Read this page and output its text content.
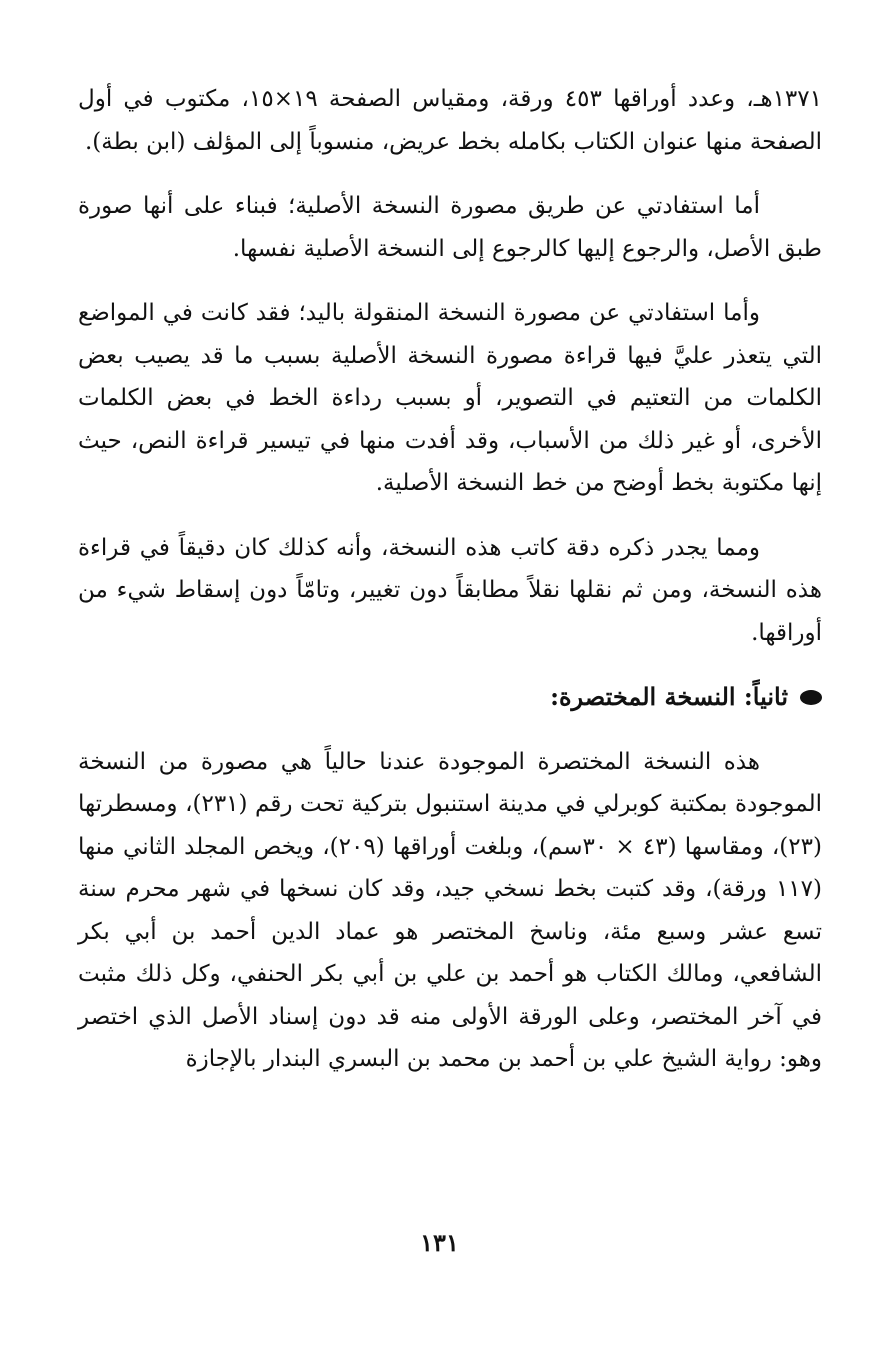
١٣٧١هـ، وعدد أوراقها ٤٥٣ ورقة، ومقياس الصفحة ١٩×١٥، مكتوب في أول الصفحة منها عنوان الكتاب بكامله بخط عريض، منسوباً إلى المؤلف (ابن بطة).

أما استفادتي عن طريق مصورة النسخة الأصلية؛ فبناء على أنها صورة طبق الأصل، والرجوع إليها كالرجوع إلى النسخة الأصلية نفسها.

وأما استفادتي عن مصورة النسخة المنقولة باليد؛ فقد كانت في المواضع التي يتعذر عليَّ فيها قراءة مصورة النسخة الأصلية بسبب ما قد يصيب بعض الكلمات من التعتيم في التصوير، أو بسبب رداءة الخط في بعض الكلمات الأخرى، أو غير ذلك من الأسباب، وقد أفدت منها في تيسير قراءة النص، حيث إنها مكتوبة بخط أوضح من خط النسخة الأصلية.

ومما يجدر ذكره دقة كاتب هذه النسخة، وأنه كذلك كان دقيقاً في قراءة هذه النسخة، ومن ثم نقلها نقلاً مطابقاً دون تغيير، وتامّاً دون إسقاط شيء من أوراقها.

ثانياً: النسخة المختصرة:

هذه النسخة المختصرة الموجودة عندنا حالياً هي مصورة من النسخة الموجودة بمكتبة كوبرلي في مدينة استنبول بتركية تحت رقم (٢٣١)، ومسطرتها (٢٣)، ومقاسها (٤٣ × ٣٠سم)، وبلغت أوراقها (٢٠٩)، ويخص المجلد الثاني منها (١١٧ ورقة)، وقد كتبت بخط نسخي جيد، وقد كان نسخها في شهر محرم سنة تسع عشر وسبع مئة، وناسخ المختصر هو عماد الدين أحمد بن أبي بكر الشافعي، ومالك الكتاب هو أحمد بن علي بن أبي بكر الحنفي، وكل ذلك مثبت في آخر المختصر، وعلى الورقة الأولى منه قد دون إسناد الأصل الذي اختصر وهو: رواية الشيخ علي بن أحمد بن محمد بن البسري البندار بالإجازة

١٣١
